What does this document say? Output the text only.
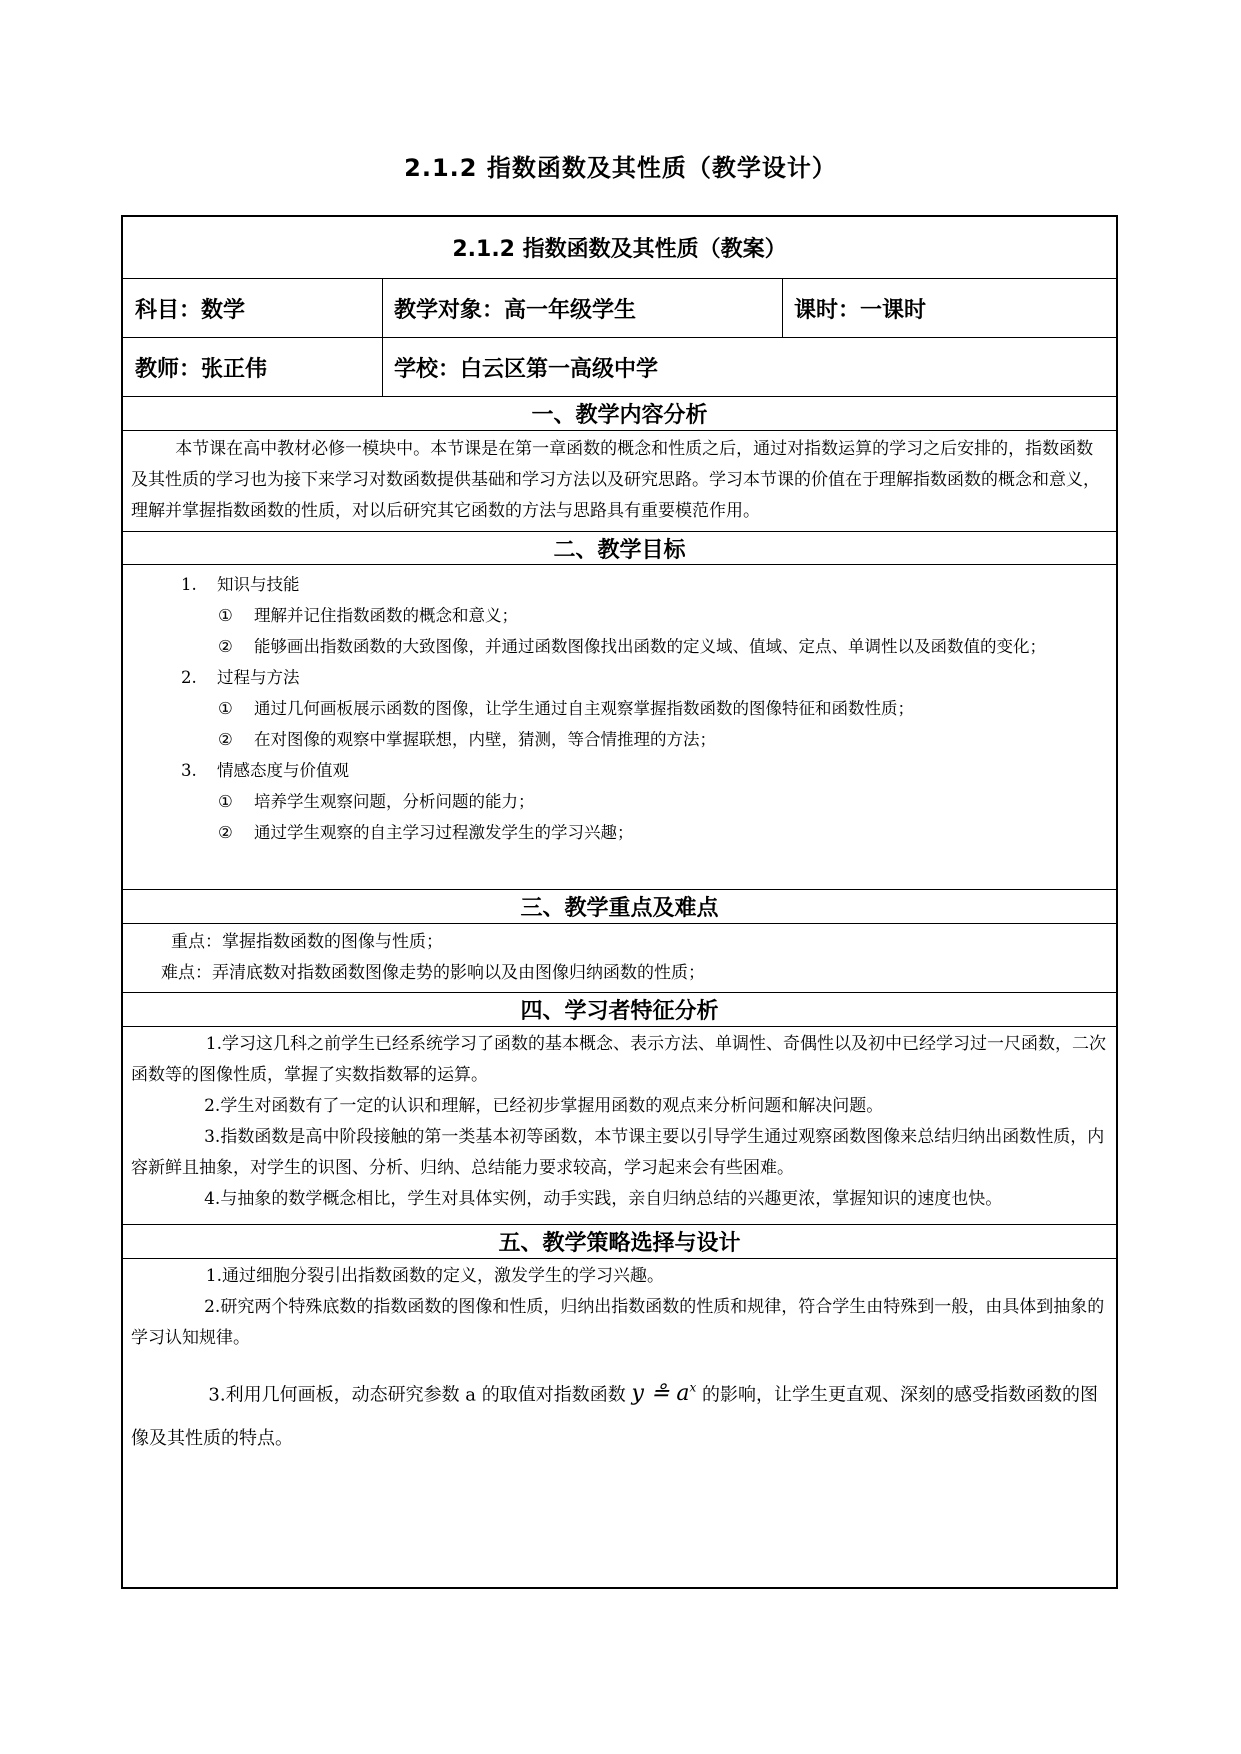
2.1.2 指数函数及其性质（教学设计）
2.1.2 指数函数及其性质（教案）
科目：数学	教学对象：高一年级学生	课时：一课时
教师：张正伟	学校：白云区第一高级中学
一、教学内容分析

本节课在高中教材必修一模块中。本节课是在第一章函数的概念和性质之后，通过对指数运算的学习之后安排的，指数函数及其性质的学习也为接下来学习对数函数提供基础和学习方法以及研究思路。学习本节课的价值在于理解指数函数的概念和意义，理解并掌握指数函数的性质，对以后研究其它函数的方法与思路具有重要模范作用。

二、教学目标
1. 知识与技能
①	理解并记住指数函数的概念和意义；
②	能够画出指数函数的大致图像，并通过函数图像找出函数的定义域、值域、定点、单调性以及函数值的变化；
2. 过程与方法
①	通过几何画板展示函数的图像，让学生通过自主观察掌握指数函数的图像特征和函数性质；
②	在对图像的观察中掌握联想，内壁，猜测，等合情推理的方法；
3. 情感态度与价值观
①	培养学生观察问题，分析问题的能力；
②	通过学生观察的自主学习过程激发学生的学习兴趣；
三、教学重点及难点

重点：掌握指数函数的图像与性质；

难点：弄清底数对指数函数图像走势的影响以及由图像归纳函数的性质；

四、学习者特征分析

1.学习这几科之前学生已经系统学习了函数的基本概念、表示方法、单调性、奇偶性以及初中已经学习过一尺函数，二次函数等的图像性质，掌握了实数指数幂的运算。

2.学生对函数有了一定的认识和理解，已经初步掌握用函数的观点来分析问题和解决问题。

3.指数函数是高中阶段接触的第一类基本初等函数，本节课主要以引导学生通过观察函数图像来总结归纳出函数性质，内容新鲜且抽象，对学生的识图、分析、归纳、总结能力要求较高，学习起来会有些困难。

4.与抽象的数学概念相比，学生对具体实例，动手实践，亲自归纳总结的兴趣更浓，掌握知识的速度也快。

五、教学策略选择与设计

1.通过细胞分裂引出指数函数的定义，激发学生的学习兴趣。

2.研究两个特殊底数的指数函数的图像和性质，归纳出指数函数的性质和规律，符合学生由特殊到一般，由具体到抽象的学习认知规律。

3.利用几何画板，动态研究参数 a 的取值对指数函数 y ≗ $a^x$ 的影响，让学生更直观、深刻的感受指数函数的图像及其性质的特点。
